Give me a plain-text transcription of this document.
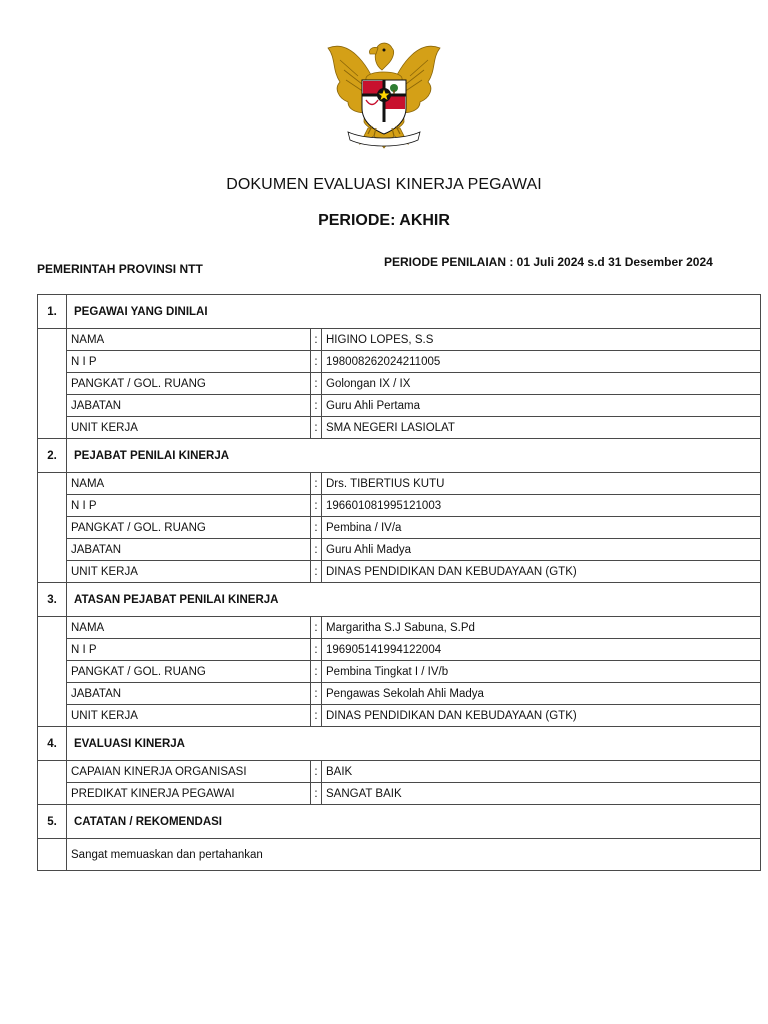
DOKUMEN EVALUASI KINERJA PEGAWAI
PERIODE: AKHIR
PEMERINTAH PROVINSI NTT	PERIODE PENILAIAN : 01 Juli 2024 s.d 31 Desember 2024
1.	PEGAWAI YANG DINILAI		
	NAMA	:	HIGINO LOPES, S.S
	N I P	:	198008262024211005
	PANGKAT / GOL. RUANG	:	Golongan IX / IX
	JABATAN	:	Guru Ahli Pertama
	UNIT KERJA	:	SMA NEGERI LASIOLAT
2.	PEJABAT PENILAI KINERJA		
	NAMA	:	Drs. TIBERTIUS KUTU
	N I P	:	196601081995121003
	PANGKAT / GOL. RUANG	:	Pembina / IV/a
	JABATAN	:	Guru Ahli Madya
	UNIT KERJA	:	DINAS PENDIDIKAN DAN KEBUDAYAAN (GTK)
3.	ATASAN PEJABAT PENILAI KINERJA		
	NAMA	:	Margaritha S.J Sabuna, S.Pd
	N I P	:	196905141994122004
	PANGKAT / GOL. RUANG	:	Pembina Tingkat I / IV/b
	JABATAN	:	Pengawas Sekolah Ahli Madya
	UNIT KERJA	:	DINAS PENDIDIKAN DAN KEBUDAYAAN (GTK)
4.	EVALUASI KINERJA		
	CAPAIAN KINERJA ORGANISASI	:	BAIK
	PREDIKAT KINERJA PEGAWAI	:	SANGAT BAIK
5.	CATATAN / REKOMENDASI		
	Sangat memuaskan dan pertahankan		
